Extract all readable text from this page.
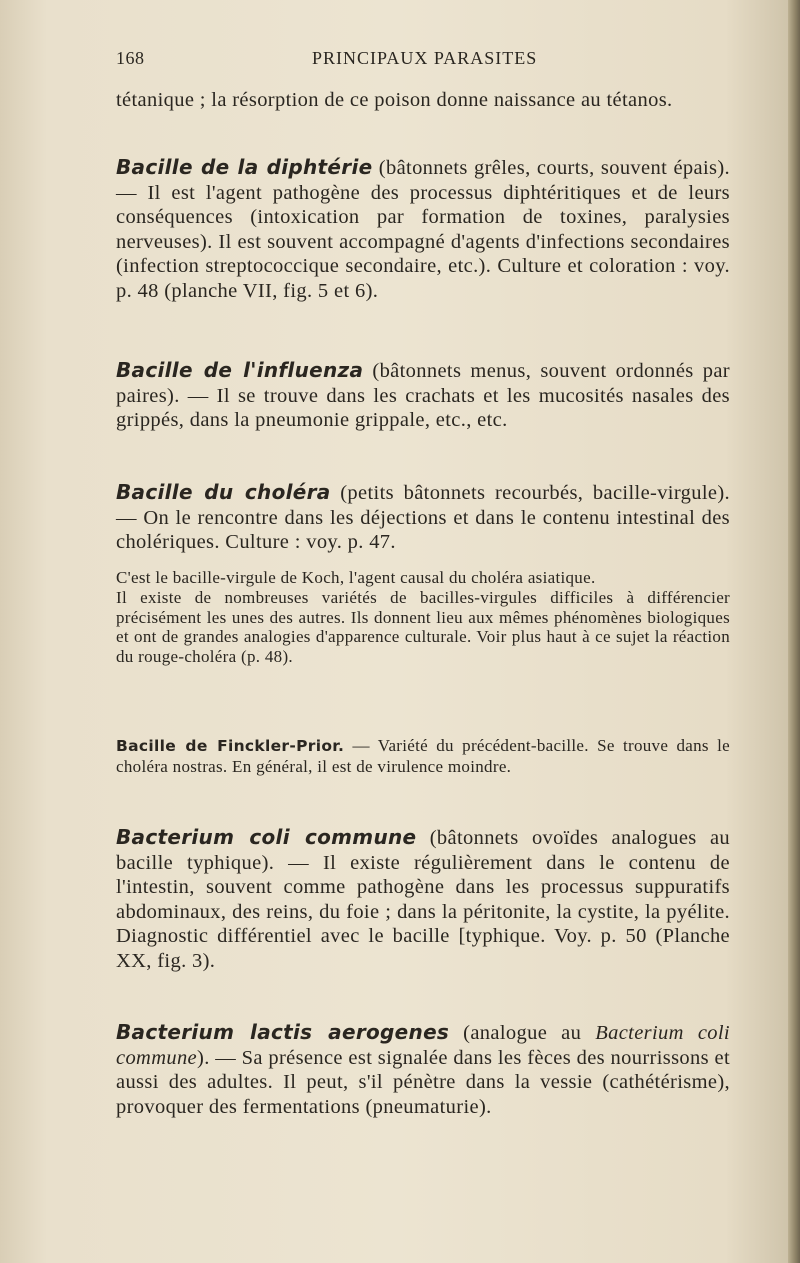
168	PRINCIPAUX PARASITES

tétanique ; la résorption de ce poison donne naissance au tétanos.

Bacille de la diphtérie (bâtonnets grêles, courts, souvent épais). — Il est l'agent pathogène des processus diphtéritiques et de leurs conséquences (intoxication par formation de toxines, paralysies nerveuses). Il est souvent accompagné d'agents d'infections secondaires (infection streptococcique secondaire, etc.). Culture et coloration : voy. p. 48 (planche VII, fig. 5 et 6).

Bacille de l'influenza (bâtonnets menus, souvent ordonnés par paires). — Il se trouve dans les crachats et les mucosités nasales des grippés, dans la pneumonie grippale, etc., etc.

Bacille du choléra (petits bâtonnets recourbés, bacille-virgule). — On le rencontre dans les déjections et dans le contenu intestinal des cholériques. Culture : voy. p. 47.

C'est le bacille-virgule de Koch, l'agent causal du choléra asiatique.

Il existe de nombreuses variétés de bacilles-virgules difficiles à différencier précisément les unes des autres. Ils donnent lieu aux mêmes phénomènes biologiques et ont de grandes analogies d'apparence culturale. Voir plus haut à ce sujet la réaction du rouge-choléra (p. 48).

Bacille de Finckler-Prior. — Variété du précédent-bacille. Se trouve dans le choléra nostras. En général, il est de virulence moindre.

Bacterium coli commune (bâtonnets ovoïdes analogues au bacille typhique). — Il existe régulièrement dans le contenu de l'intestin, souvent comme pathogène dans les processus suppuratifs abdominaux, des reins, du foie ; dans la péritonite, la cystite, la pyélite. Diagnostic différentiel avec le bacille [typhique. Voy. p. 50 (Planche XX, fig. 3).

Bacterium lactis aerogenes (analogue au Bacterium coli commune). — Sa présence est signalée dans les fèces des nourrissons et aussi des adultes. Il peut, s'il pénètre dans la vessie (cathétérisme), provoquer des fermentations (pneumaturie).
